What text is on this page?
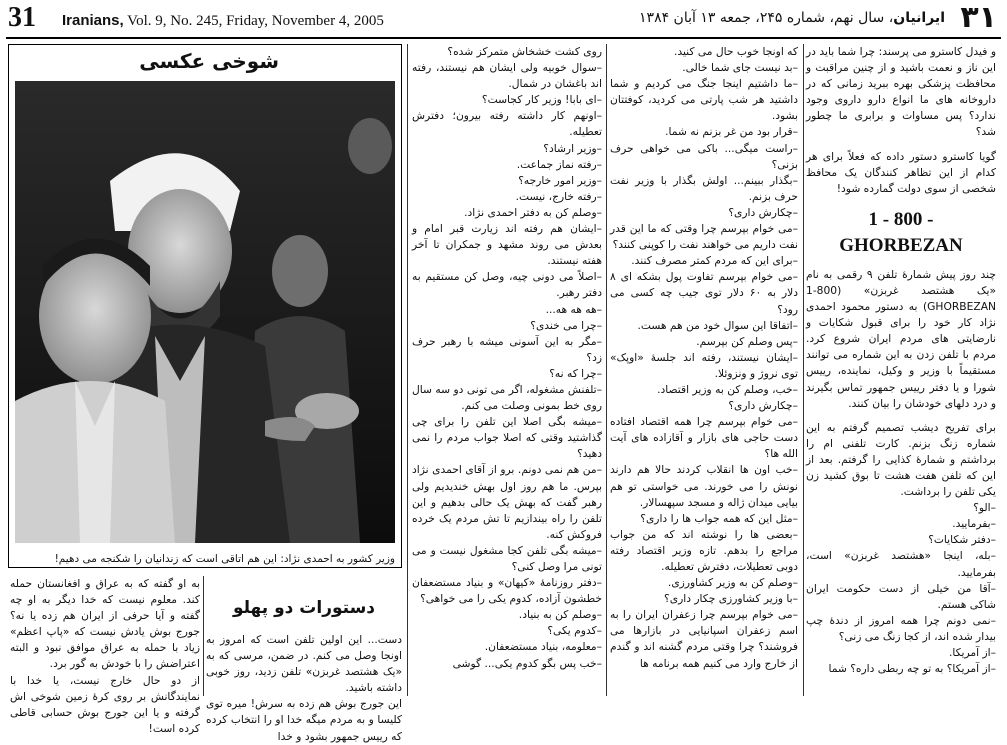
31 Iranians, Vol. 9, No. 245, Friday, November 4, 2005	ایرانیان، سال نهم، شماره ۲۴۵، جمعه ۱۳ آبان ۱۳۸۴	۳۱

و فیدل کاسترو می پرسند: چرا شما باید در این ناز و نعمت باشید و از چنین مراقبت و محافظت پزشکی بهره ببرید زمانی که در داروخانه های ما انواع دارو داروی وجود ندارد؟ پس مساوات و برابری ما چطور شد؟

گویا کاسترو دستور داده که فعلاً برای هر کدام از این تظاهر کنندگان یک محافظ شخصی از سوی دولت گمارده شود!

1 - 800 -
GHORBEZAN

چند روز پیش شمارهٔ تلفن ۹ رقمی به نام «یک هشتصد غربزن» (800-1 GHORBEZAN) به دستور محمود احمدی نژاد کار خود را برای قبول شکایات و نارضایتی های مردم ایران شروع کرد. مردم با تلفن زدن به این شماره می توانند مستقیماً با وزیر و وکیل، نماینده، رییس شورا و یا دفتر رییس جمهور تماس بگیرند و درد دلهای خودشان را بیان کنند.

برای تفریح دیشب تصمیم گرفتم به این شماره زنگ بزنم. کارت تلفنی ام را برداشتم و شمارهٔ کذایی را گرفتم. بعد از این که تلفن هفت هشت تا بوق کشید زن یکی تلفن را برداشت.

–الو؟

–بفرمایید.

–دفتر شکایات؟

–بله، اینجا «هشتصد غربزن» است، بفرمایید.

–آقا من خیلی از دست حکومت ایران شاکی هستم.

–نمی دونم چرا همه امروز از دندهٔ چپ بیدار شده اند، از کجا زنگ می زنی؟

–از آمریکا.

–از آمریکا؟ به تو چه ربطی داره؟ شما

که اونجا خوب حال می کنید.

–بد نیست جای شما خالی.

–ما داشتیم اینجا جنگ می کردیم و شما داشتید هر شب پارتی می کردید، کوفتتان بشود.

–قرار بود من غر بزنم نه شما.

–راست میگی... باکی می خواهی حرف بزنی؟

–بگذار ببینم... اولش بگذار با وزیر نفت حرف بزنم.

–چکارش داری؟

–می خوام بپرسم چرا وقتی که ما این قدر نفت داریم می خواهند نفت را کوپنی کنند؟

–برای این که مردم کمتر مصرف کنند.

–می خوام بپرسم تفاوت پول بشکه ای ۸ دلار به ۶۰ دلار توی جیب چه کسی می رود؟

–اتفاقا این سوال خود من هم هست.

–پس وصلم کن بپرسم.

–ایشان نیستند، رفته اند جلسهٔ «اوپک» توی نروژ و ونزوئلا.

–خب، وصلم کن به وزیر اقتصاد.

–چکارش داری؟

–می خوام بپرسم چرا همه اقتصاد افتاده دست حاجی های بازار و آقازاده های آیت الله ها؟

–خب اون ها انقلاب کردند حالا هم دارند نونش را می خورند. می خواستی تو هم بیایی میدان ژاله و مسجد سپهسالار.

–مثل این که همه جواب ها را داری؟

–بعضی ها را نوشته اند که من جواب مراجع را بدهم. تازه وزیر اقتصاد رفته دوبی تعطیلات، دفترش تعطیله.

–وصلم کن به وزیر کشاورزی.

–با وزیر کشاورزی چکار داری؟

–می خوام بپرسم چرا زعفران ایران را به اسم زعفران اسپانیایی در بازارها می فروشند؟ چرا وقتی مردم گشنه اند و گندم از خارج وارد می کنیم همه برنامه ها

روی کشت خشخاش متمرکز شده؟

–سوال خوبیه ولی ایشان هم نیستند، رفته اند باغشان در شمال.

–ای بابا! وزیر کار کجاست؟

–اونهم کار داشته رفته بیرون؛ دفترش تعطیله.

–وزیر ارشاد؟

–رفته نماز جماعت.

–وزیر امور خارجه؟

–رفته خارج، نیست.

–وصلم کن به دفتر احمدی نژاد.

–ایشان هم رفته اند زیارت قبر امام و بعدش می روند مشهد و جمکران تا آخر هفته نیستند.

–اصلاً می دونی چیه، وصل کن مستقیم به دفتر رهبر.

–هه هه هه...

–چرا می خندی؟

–مگر به این آسونی میشه با رهبر حرف زد؟

–چرا که نه؟

–تلفنش مشغوله، اگر می تونی دو سه سال روی خط بمونی وصلت می کنم.

–میشه بگی اصلا این تلفن را برای چی گذاشتید وقتی که اصلا جواب مردم را نمی دهید؟

–من هم نمی دونم. برو از آقای احمدی نژاد بپرس. ما هم روز اول بهش خندیدیم ولی رهبر گفت که بهش یک حالی بدهیم و این تلفن را راه بیندازیم تا تش مردم یک خرده فروکش کنه.

–میشه بگی تلفن کجا مشغول نیست و می تونی مرا وصل کنی؟

–دفتر روزنامهٔ «کیهان» و بنیاد مستضعفان خطشون آزاده، کدوم یکی را می خواهی؟

–وصلم کن به بنیاد.

–کدوم یکی؟

–معلومه، بنیاد مستضعفان.

–خب پس بگو کدوم یکی... گوشی

شوخی عکسی
وزیر کشور به احمدی نژاد: این هم اتاقی است که زندانیان را شکنجه می دهیم!
دستورات دو پهلو

دست... این اولین تلفن است که امروز به اونجا وصل می کنم. در ضمن، مرسی که به «یک هشتصد غربزن» تلفن زدید، روز خوبی داشته باشید.

این جورج بوش هم زده به سرش! میره توی کلیسا و به مردم میگه خدا او را انتخاب کرده که رییس جمهور بشود و خدا

به او گفته که به عراق و افغانستان حمله کند. معلوم نیست که خدا دیگر به او چه گفته و آیا حرفی از ایران هم زده یا نه؟ جورج بوش یادش نیست که «پاپ اعظم» زیاد با حمله به عراق موافق نبود و البته اعتراضش را با خودش به گور برد.

از دو حال خارج نیست، یا خدا با نمایندگانش بر روی کرهٔ زمین شوخی اش گرفته و یا این جورج بوش حسابی قاطی کرده است!
